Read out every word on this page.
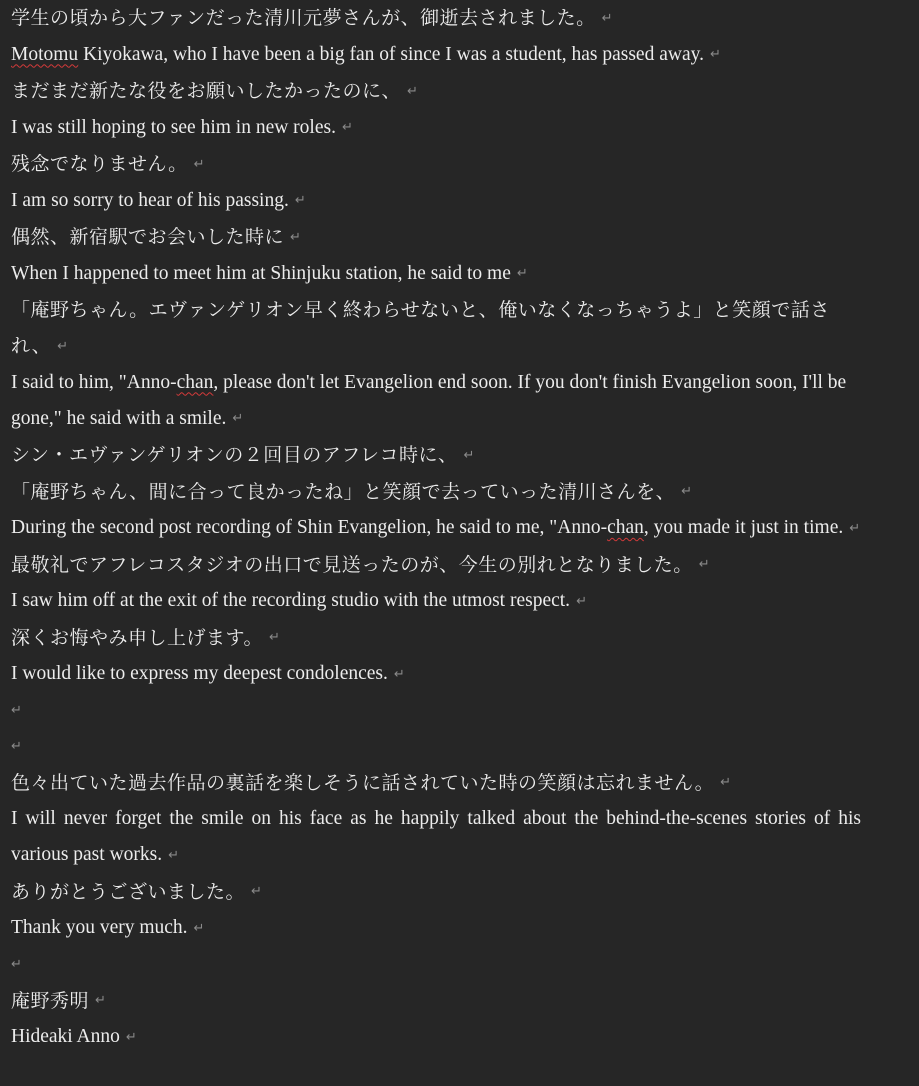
学生の頃から大ファンだった清川元夢さんが、御逝去されました。 ↵

Motomu Kiyokawa, who I have been a big fan of since I was a student, has passed away. ↵

まだまだ新たな役をお願いしたかったのに、 ↵

I was still hoping to see him in new roles. ↵

残念でなりません。 ↵

I am so sorry to hear of his passing. ↵

偶然、新宿駅でお会いした時に ↵

When I happened to meet him at Shinjuku station, he said to me ↵

「庵野ちゃん。エヴァンゲリオン早く終わらせないと、俺いなくなっちゃうよ」と笑顔で話され、 ↵

I said to him, "Anno-chan, please don't let Evangelion end soon. If you don't finish Evangelion soon, I'll be gone," he said with a smile. ↵

シン・エヴァンゲリオンの２回目のアフレコ時に、 ↵

「庵野ちゃん、間に合って良かったね」と笑顔で去っていった清川さんを、 ↵

During the second post recording of Shin Evangelion, he said to me, "Anno-chan, you made it just in time. ↵

最敬礼でアフレコスタジオの出口で見送ったのが、今生の別れとなりました。 ↵

I saw him off at the exit of the recording studio with the utmost respect. ↵

深くお悔やみ申し上げます。 ↵

I would like to express my deepest condolences. ↵

↵

↵

色々出ていた過去作品の裏話を楽しそうに話されていた時の笑顔は忘れません。 ↵

I will never forget the smile on his face as he happily talked about the behind-the-scenes stories of his various past works. ↵

ありがとうございました。 ↵

Thank you very much. ↵

↵

庵野秀明 ↵

Hideaki Anno ↵
